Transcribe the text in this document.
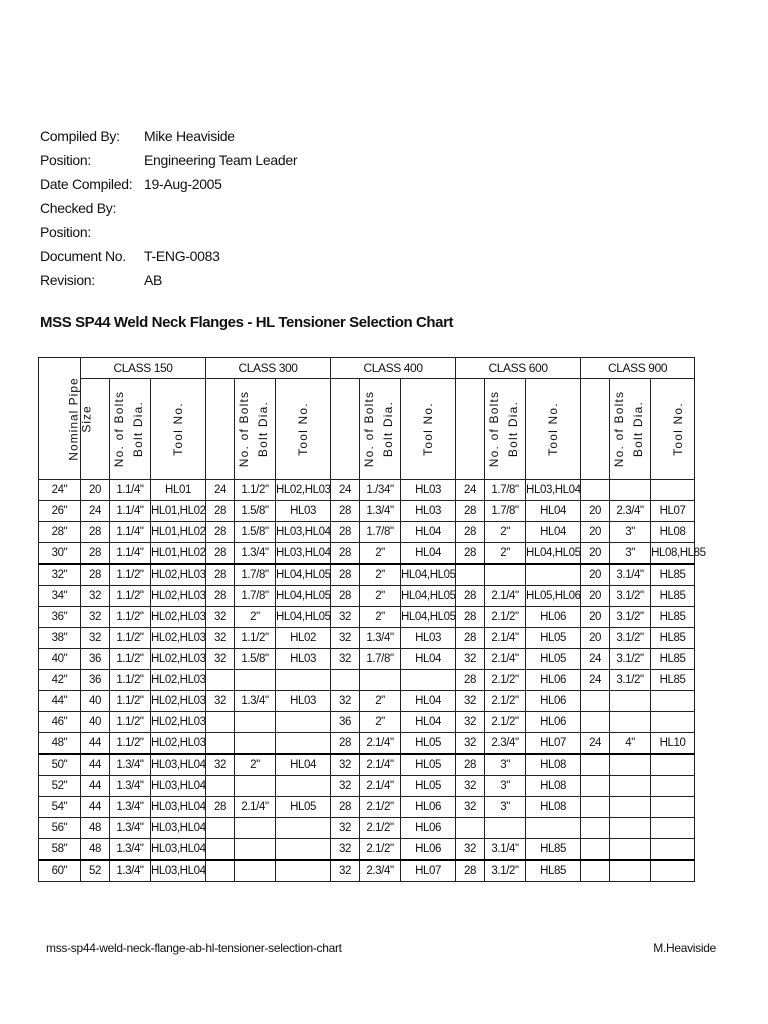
Compiled By:	Mike Heaviside
Position:	Engineering Team Leader
Date Compiled: 19-Aug-2005
Checked By:
Position:
Document No.	T-ENG-0083
Revision:	AB
MSS SP44 Weld Neck Flanges - HL Tensioner Selection Chart
Nominal Pipe
Size	CLASS 150			CLASS 300			CLASS 400			CLASS 600			CLASS 900		
	No. of Bolts	Bolt Dia.	Tool No.	No. of Bolts	Bolt Dia.	Tool No.	No. of Bolts	Bolt Dia.	Tool No.	No. of Bolts	Bolt Dia.	Tool No.	No. of Bolts	Bolt Dia.	Tool No.
24"	20	1.1/4"	HL01	24	1.1/2"	HL02,HL03	24	1./34"	HL03	24	1.7/8"	HL03,HL04			
26"	24	1.1/4"	HL01,HL02	28	1.5/8"	HL03	28	1.3/4"	HL03	28	1.7/8"	HL04	20	2.3/4"	HL07
28"	28	1.1/4"	HL01,HL02	28	1.5/8"	HL03,HL04	28	1.7/8"	HL04	28	2"	HL04	20	3"	HL08
30"	28	1.1/4"	HL01,HL02	28	1.3/4"	HL03,HL04	28	2"	HL04	28	2"	HL04,HL05	20	3"	HL08,HL85
32"	28	1.1/2"	HL02,HL03	28	1.7/8"	HL04,HL05	28	2"	HL04,HL05				20	3.1/4"	HL85
34"	32	1.1/2"	HL02,HL03	28	1.7/8"	HL04,HL05	28	2"	HL04,HL05	28	2.1/4"	HL05,HL06	20	3.1/2"	HL85
36"	32	1.1/2"	HL02,HL03	32	2"	HL04,HL05	32	2"	HL04,HL05	28	2.1/2"	HL06	20	3.1/2"	HL85
38"	32	1.1/2"	HL02,HL03	32	1.1/2"	HL02	32	1.3/4"	HL03	28	2.1/4"	HL05	20	3.1/2"	HL85
40"	36	1.1/2"	HL02,HL03	32	1.5/8"	HL03	32	1.7/8"	HL04	32	2.1/4"	HL05	24	3.1/2"	HL85
42"	36	1.1/2"	HL02,HL03							28	2.1/2"	HL06	24	3.1/2"	HL85
44"	40	1.1/2"	HL02,HL03	32	1.3/4"	HL03	32	2"	HL04	32	2.1/2"	HL06			
46"	40	1.1/2"	HL02,HL03				36	2"	HL04	32	2.1/2"	HL06			
48"	44	1.1/2"	HL02,HL03				28	2.1/4"	HL05	32	2.3/4"	HL07	24	4"	HL10
50"	44	1.3/4"	HL03,HL04	32	2"	HL04	32	2.1/4"	HL05	28	3"	HL08			
52"	44	1.3/4"	HL03,HL04				32	2.1/4"	HL05	32	3"	HL08			
54"	44	1.3/4"	HL03,HL04	28	2.1/4"	HL05	28	2.1/2"	HL06	32	3"	HL08			
56"	48	1.3/4"	HL03,HL04				32	2.1/2"	HL06						
58"	48	1.3/4"	HL03,HL04				32	2.1/2"	HL06	32	3.1/4"	HL85			
60"	52	1.3/4"	HL03,HL04				32	2.3/4"	HL07	28	3.1/2"	HL85			
mss-sp44-weld-neck-flange-ab-hl-tensioner-selection-chart	M.Heaviside
